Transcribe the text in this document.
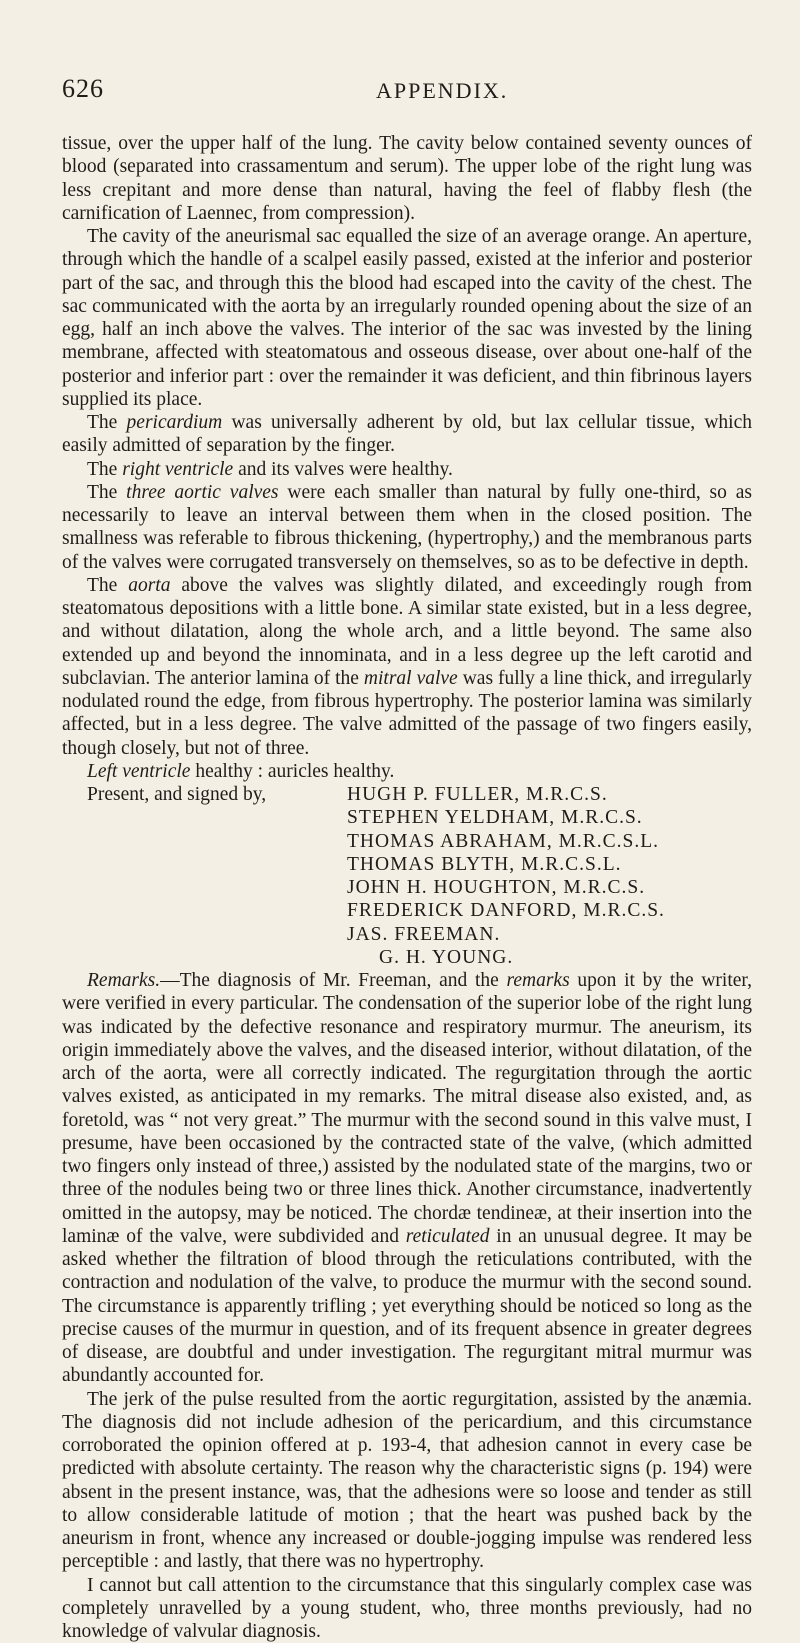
626	APPENDIX.

tissue, over the upper half of the lung. The cavity below contained seventy ounces of blood (separated into crassamentum and serum). The upper lobe of the right lung was less crepitant and more dense than natural, having the feel of flabby flesh (the carnification of Laennec, from compression).

The cavity of the aneurismal sac equalled the size of an average orange. An aperture, through which the handle of a scalpel easily passed, existed at the inferior and posterior part of the sac, and through this the blood had escaped into the cavity of the chest. The sac communicated with the aorta by an irregularly rounded opening about the size of an egg, half an inch above the valves. The interior of the sac was invested by the lining membrane, affected with steatomatous and osseous disease, over about one-half of the posterior and inferior part : over the remainder it was deficient, and thin fibrinous layers supplied its place.

The pericardium was universally adherent by old, but lax cellular tissue, which easily admitted of separation by the finger.

The right ventricle and its valves were healthy.

The three aortic valves were each smaller than natural by fully one-third, so as necessarily to leave an interval between them when in the closed position. The smallness was referable to fibrous thickening, (hypertrophy,) and the membranous parts of the valves were corrugated transversely on themselves, so as to be defective in depth.

The aorta above the valves was slightly dilated, and exceedingly rough from steatomatous depositions with a little bone. A similar state existed, but in a less degree, and without dilatation, along the whole arch, and a little beyond. The same also extended up and beyond the innominata, and in a less degree up the left carotid and subclavian. The anterior lamina of the mitral valve was fully a line thick, and irregularly nodulated round the edge, from fibrous hypertrophy. The posterior lamina was similarly affected, but in a less degree. The valve admitted of the passage of two fingers easily, though closely, but not of three.

Left ventricle healthy : auricles healthy.

Present, and signed by,	HUGH P. FULLER, M.R.C.S.
STEPHEN YELDHAM, M.R.C.S.
THOMAS ABRAHAM, M.R.C.S.L.
THOMAS BLYTH, M.R.C.S.L.
JOHN H. HOUGHTON, M.R.C.S.
FREDERICK DANFORD, M.R.C.S.
JAS. FREEMAN.
G. H. YOUNG.

Remarks.—The diagnosis of Mr. Freeman, and the remarks upon it by the writer, were verified in every particular. The condensation of the superior lobe of the right lung was indicated by the defective resonance and respiratory murmur. The aneurism, its origin immediately above the valves, and the diseased interior, without dilatation, of the arch of the aorta, were all correctly indicated. The regurgitation through the aortic valves existed, as anticipated in my remarks. The mitral disease also existed, and, as foretold, was “ not very great.” The murmur with the second sound in this valve must, I presume, have been occasioned by the contracted state of the valve, (which admitted two fingers only instead of three,) assisted by the nodulated state of the margins, two or three of the nodules being two or three lines thick. Another circumstance, inadvertently omitted in the autopsy, may be noticed. The chordæ tendineæ, at their insertion into the laminæ of the valve, were subdivided and reticulated in an unusual degree. It may be asked whether the filtration of blood through the reticulations contributed, with the contraction and nodulation of the valve, to produce the murmur with the second sound. The circumstance is apparently trifling ; yet everything should be noticed so long as the precise causes of the murmur in question, and of its frequent absence in greater degrees of disease, are doubtful and under investigation. The regurgitant mitral murmur was abundantly accounted for.

The jerk of the pulse resulted from the aortic regurgitation, assisted by the anæmia. The diagnosis did not include adhesion of the pericardium, and this circumstance corroborated the opinion offered at p. 193-4, that adhesion cannot in every case be predicted with absolute certainty. The reason why the characteristic signs (p. 194) were absent in the present instance, was, that the adhesions were so loose and tender as still to allow considerable latitude of motion ; that the heart was pushed back by the aneurism in front, whence any increased or double-jogging impulse was rendered less perceptible : and lastly, that there was no hypertrophy.

I cannot but call attention to the circumstance that this singularly complex case was completely unravelled by a young student, who, three months previously, had no knowledge of valvular diagnosis.
